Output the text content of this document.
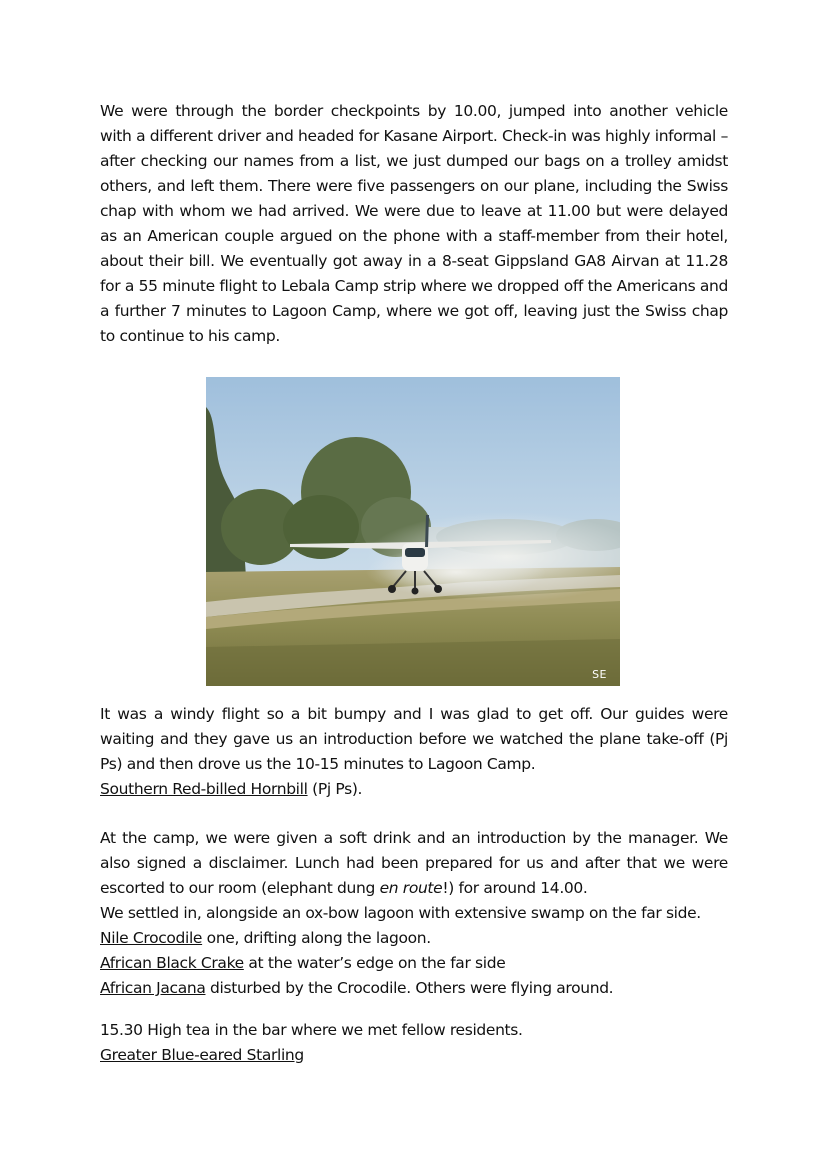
We were through the border checkpoints by 10.00, jumped into another vehicle with a different driver and headed for Kasane Airport. Check-in was highly informal – after checking our names from a list, we just dumped our bags on a trolley amidst others, and left them. There were five passengers on our plane, including the Swiss chap with whom we had arrived. We were due to leave at 11.00 but were delayed as an American couple argued on the phone with a staff-member from their hotel, about their bill. We eventually got away in a 8-seat Gippsland GA8 Airvan at 11.28 for a 55 minute flight to Lebala Camp strip where we dropped off the Americans and a further 7 minutes to Lagoon Camp, where we got off, leaving just the Swiss chap to continue to his camp.

SE

It was a windy flight so a bit bumpy and I was glad to get off. Our guides were waiting and they gave us an introduction before we watched the plane take-off (Pj Ps) and then drove us the 10-15 minutes to Lagoon Camp.
Southern Red-billed Hornbill (Pj Ps).

At the camp, we were given a soft drink and an introduction by the manager. We also signed a disclaimer. Lunch had been prepared for us and after that we were escorted to our room (elephant dung en route!) for around 14.00.
We settled in, alongside an ox-bow lagoon with extensive swamp on the far side.
Nile Crocodile one, drifting along the lagoon.
African Black Crake at the water’s edge on the far side
African Jacana disturbed by the Crocodile. Others were flying around.

15.30 High tea in the bar where we met fellow residents.
Greater Blue-eared Starling
